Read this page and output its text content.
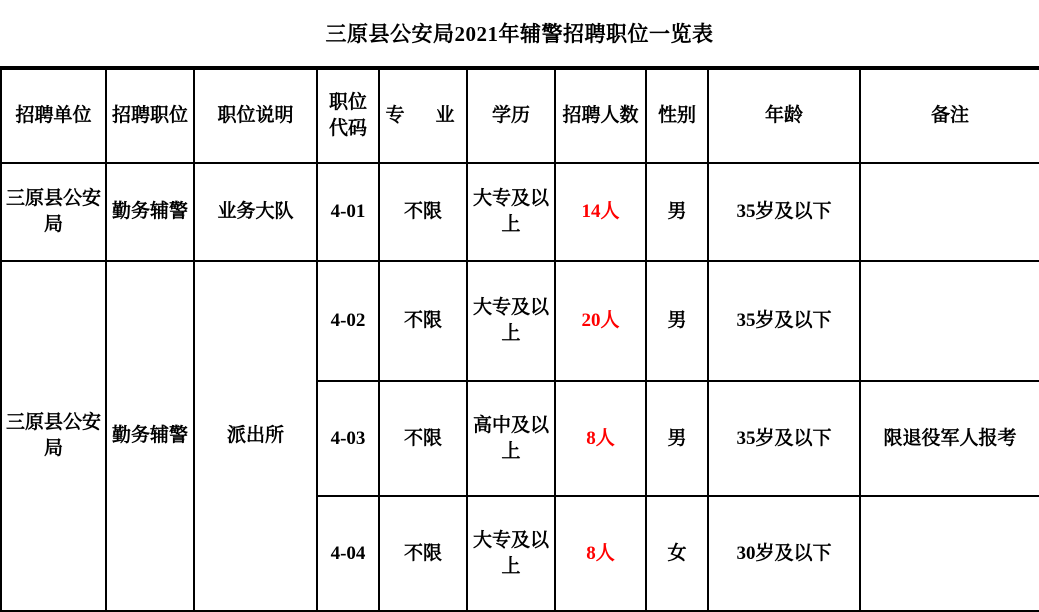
三原县公安局2021年辅警招聘职位一览表
招聘单位	招聘职位	职位说明	职位代码	专　业	学历	招聘人数	性别	年龄	备注
三原县公安局	勤务辅警	业务大队	4-01	不限	大专及以上	14人	男	35岁及以下	
三原县公安局	勤务辅警	派出所	4-02	不限	大专及以上	20人	男	35岁及以下	
			4-03	不限	高中及以上	8人	男	35岁及以下	限退役军人报考
			4-04	不限	大专及以上	8人	女	30岁及以下	
